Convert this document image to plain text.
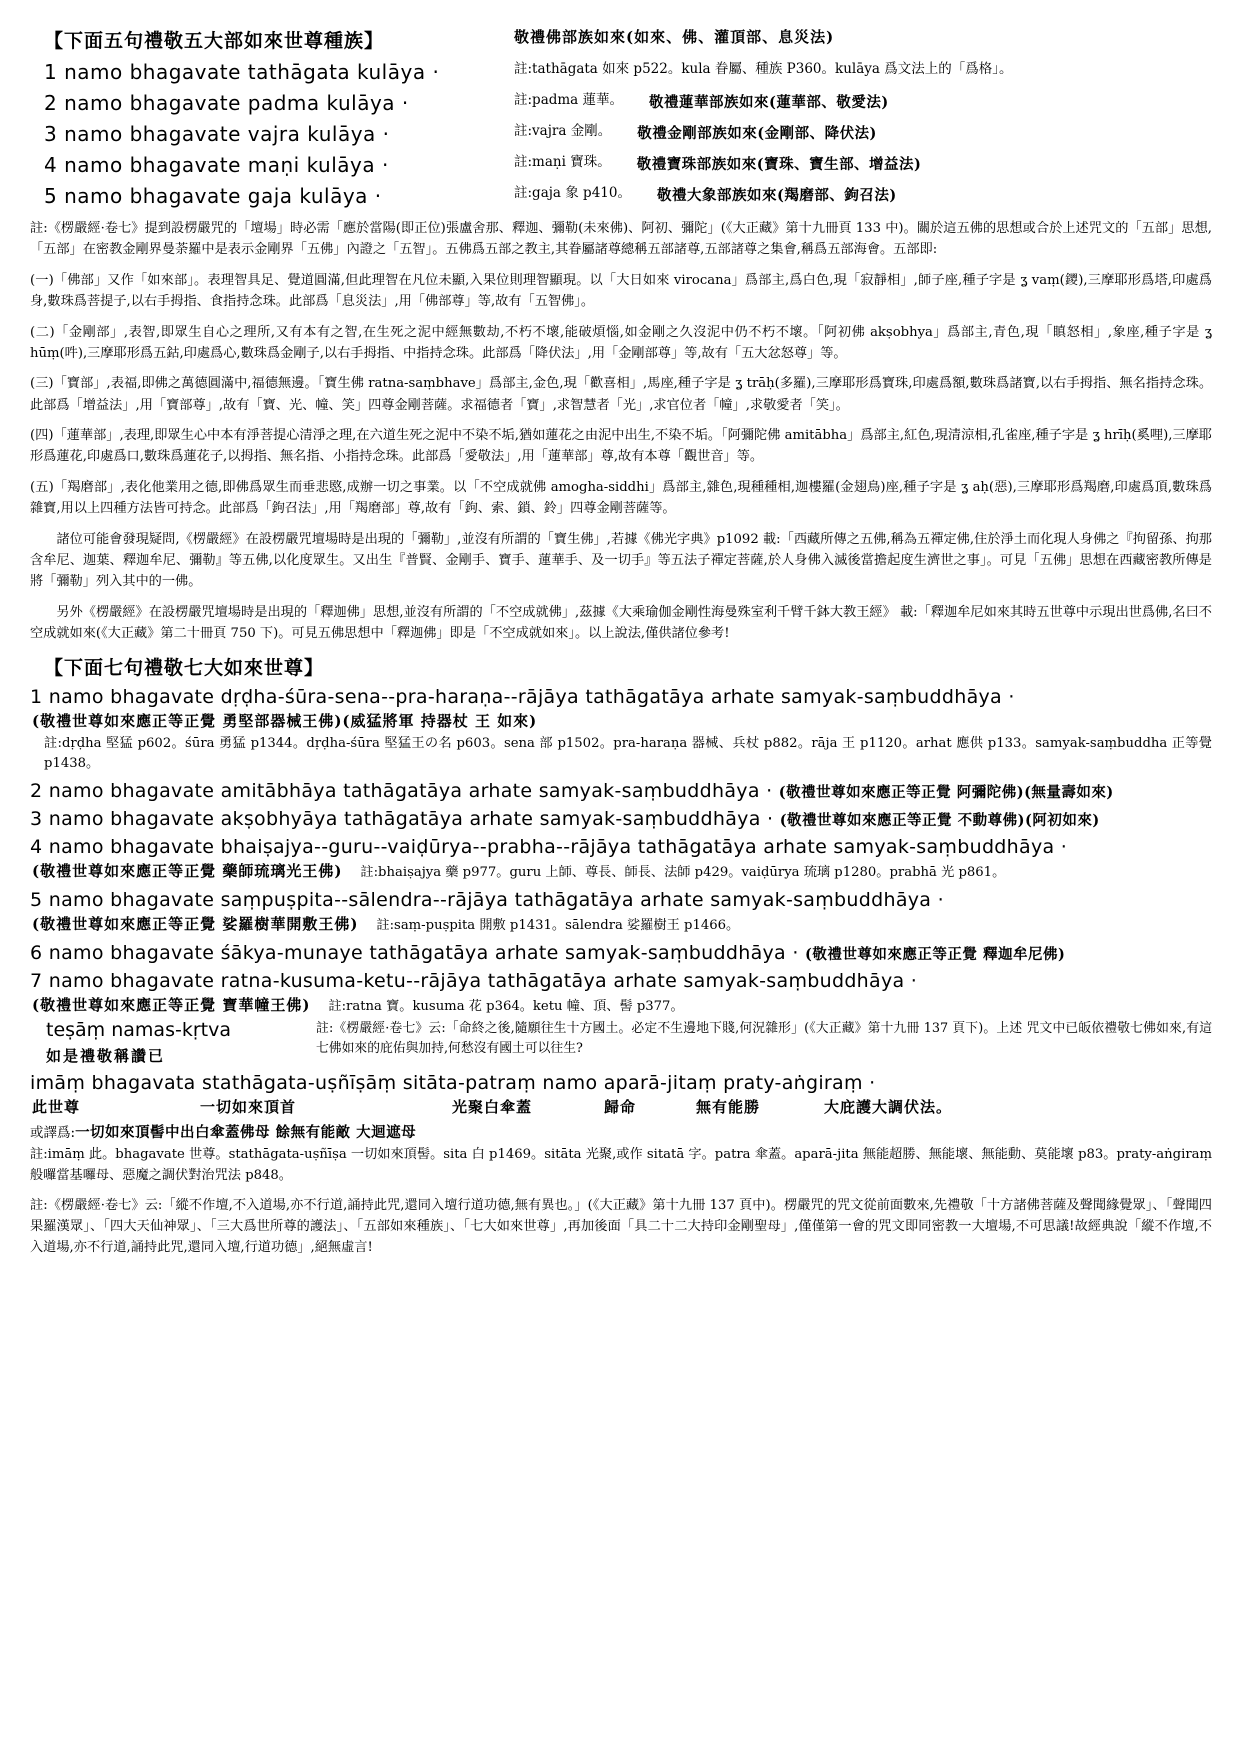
【下面五句禮敬五大部如來世尊種族】	敬禮佛部族如來(如來、佛、灌頂部、息災法)
1 namo bhagavate tathāgata kulāya ·	註:tathāgata 如來 p522。kula 眷屬、種族 P360。kulāya 爲文法上的「爲格」。
2 namo bhagavate padma kulāya ·	註:padma 蓮華。 敬禮蓮華部族如來(蓮華部、敬愛法)
3 namo bhagavate vajra kulāya ·	註:vajra 金剛。 敬禮金剛部族如來(金剛部、降伏法)
4 namo bhagavate maṇi kulāya ·	註:maṇi 寶珠。 敬禮寶珠部族如來(寶珠、寶生部、增益法)
5 namo bhagavate gaja kulāya ·	註:gaja 象 p410。 敬禮大象部族如來(羯磨部、鉤召法)

註:《楞嚴經·卷七》提到設楞嚴咒的「壇場」時必需「應於當陽(即正位)張盧舍那、釋迦、彌勒(未來佛)、阿初、彌陀」(《大正藏》第十九冊頁 133 中)。關於這五佛的思想或合於上述咒文的「五部」思想,「五部」在密教金剛界曼荼羅中是表示金剛界「五佛」內證之「五智」。五佛爲五部之教主,其眷屬諸尊總稱五部諸尊,五部諸尊之集會,稱爲五部海會。五部即:

(一)「佛部」又作「如來部」。表理智具足、覺道圓滿,但此理智在凡位未顯,入果位則理智顯現。以「大日如來 virocana」爲部主,爲白色,現「寂靜相」,師子座,種子字是 ʓ vaṃ(鑁),三摩耶形爲塔,印處爲身,數珠爲菩提子,以右手拇指、食指持念珠。此部爲「息災法」,用「佛部尊」等,故有「五智佛」。

(二)「金剛部」,表智,即眾生自心之理所,又有本有之智,在生死之泥中經無數劫,不朽不壞,能破煩惱,如金剛之久沒泥中仍不朽不壞。「阿初佛 akṣobhya」爲部主,青色,現「瞋怒相」,象座,種子字是 ʓ hūṃ(吽),三摩耶形爲五鈷,印處爲心,數珠爲金剛子,以右手拇指、中指持念珠。此部爲「降伏法」,用「金剛部尊」等,故有「五大忿怒尊」等。

(三)「寶部」,表福,即佛之萬德圓滿中,福德無邊。「寶生佛 ratna-saṃbhave」爲部主,金色,現「歡喜相」,馬座,種子字是 ʓ trāḥ(多羅),三摩耶形爲寶珠,印處爲額,數珠爲諸寶,以右手拇指、無名指持念珠。此部爲「增益法」,用「寶部尊」,故有「寶、光、幢、笑」四尊金剛菩薩。求福德者「寶」,求智慧者「光」,求官位者「幢」,求敬愛者「笑」。

(四)「蓮華部」,表理,即眾生心中本有淨菩提心清淨之理,在六道生死之泥中不染不垢,猶如蓮花之由泥中出生,不染不垢。「阿彌陀佛 amitābha」爲部主,紅色,現清涼相,孔雀座,種子字是 ʓ hrīḥ(奚哩),三摩耶形爲蓮花,印處爲口,數珠爲蓮花子,以拇指、無名指、小指持念珠。此部爲「愛敬法」,用「蓮華部」尊,故有本尊「觀世音」等。

(五)「羯磨部」,表化他業用之德,即佛爲眾生而垂悲愍,成辦一切之事業。以「不空成就佛 amogha-siddhi」爲部主,雜色,現種種相,迦樓羅(金翅鳥)座,種子字是 ʓ aḥ(惡),三摩耶形爲羯磨,印處爲頂,數珠爲雜寶,用以上四種方法皆可持念。此部爲「鉤召法」,用「羯磨部」尊,故有「鉤、索、鎖、鈴」四尊金剛菩薩等。

諸位可能會發現疑問,《楞嚴經》在設楞嚴咒壇場時是出現的「彌勒」,並沒有所謂的「寶生佛」,若據《佛光字典》p1092 載:「西藏所傳之五佛,稱為五禪定佛,住於淨土而化現人身佛之『拘留孫、拘那含牟尼、迦葉、釋迦牟尼、彌勒』等五佛,以化度眾生。又出生『普賢、金剛手、寶手、蓮華手、及一切手』等五法子禪定菩薩,於人身佛入滅後當擔起度生濟世之事」。可見「五佛」思想在西藏密教所傳是將「彌勒」列入其中的一佛。

另外《楞嚴經》在設楞嚴咒壇場時是出現的「釋迦佛」思想,並沒有所謂的「不空成就佛」,茲據《大乘瑜伽金剛性海曼殊室利千臂千鉢大教王經》 載:「釋迦牟尼如來其時五世尊中示現出世爲佛,名曰不空成就如來(《大正藏》第二十冊頁 750 下)。可見五佛思想中「釋迦佛」即是「不空成就如來」。以上說法,僅供諸位參考!

【下面七句禮敬七大如來世尊】
1 namo bhagavate dṛḍha-śūra-sena--pra-haraṇa--rājāya tathāgatāya arhate samyak-saṃbuddhāya ·
(敬禮世尊如來應正等正覺 勇堅部器械王佛)(威猛將軍 持器杖 王 如來)
註:dṛḍha 堅猛 p602。śūra 勇猛 p1344。dṛḍha-śūra 堅猛王の名 p603。sena 部 p1502。pra-haraṇa 器械、兵杖 p882。rāja 王 p1120。arhat 應供 p133。samyak-saṃbuddha 正等覺 p1438。
2 namo bhagavate amitābhāya tathāgatāya arhate samyak-saṃbuddhāya · (敬禮世尊如來應正等正覺 阿彌陀佛)(無量壽如來)
3 namo bhagavate akṣobhyāya tathāgatāya arhate samyak-saṃbuddhāya · (敬禮世尊如來應正等正覺 不動尊佛)(阿初如來)
4 namo bhagavate bhaiṣajya--guru--vaiḍūrya--prabha--rājāya tathāgatāya arhate samyak-saṃbuddhāya ·
(敬禮世尊如來應正等正覺 藥師琉璃光王佛) 註:bhaiṣajya 藥 p977。guru 上師、尊長、師長、法師 p429。vaiḍūrya 琉璃 p1280。prabhā 光 p861。
5 namo bhagavate saṃpuṣpita--sālendra--rājāya tathāgatāya arhate samyak-saṃbuddhāya ·
(敬禮世尊如來應正等正覺 娑羅樹華開敷王佛) 註:saṃ-puṣpita 開敷 p1431。sālendra 娑羅樹王 p1466。
6 namo bhagavate śākya-munaye tathāgatāya arhate samyak-saṃbuddhāya · (敬禮世尊如來應正等正覺 釋迦牟尼佛)
7 namo bhagavate ratna-kusuma-ketu--rājāya tathāgatāya arhate samyak-saṃbuddhāya ·
(敬禮世尊如來應正等正覺 寶華幢王佛) 註:ratna 寶。kusuma 花 p364。ketu 幢、頂、髻 p377。
teṣāṃ namas-kṛtva
如是禮敬稱讚已
註:《楞嚴經·卷七》云:「命終之後,隨願往生十方國土。必定不生邊地下賤,何況雜形」(《大正藏》第十九冊 137 頁下)。上述 咒文中已皈依禮敬七佛如來,有這七佛如來的庇佑與加持,何愁沒有國土可以往生?
imāṃ bhagavata stathāgata-uṣñīṣāṃ sitāta-patraṃ namo aparā-jitaṃ praty-aṅgiraṃ ·
此世尊	一切如來頂首	光聚白傘蓋	歸命	無有能勝	大庇護大調伏法。
或譯爲:一切如來頂髻中出白傘蓋佛母 餘無有能敵 大迴遮母
註:imāṃ 此。bhagavate 世尊。stathāgata-uṣñīṣa 一切如來頂髻。sita 白 p1469。sitāta 光聚,或作 sitatā 字。patra 傘蓋。aparā-jita 無能超勝、無能壞、無能動、莫能壞 p83。praty-aṅgiraṃ 般囉當基囉母、惡魔之調伏對治咒法 p848。
註:《楞嚴經·卷七》云:「縱不作壇,不入道場,亦不行道,誦持此咒,還同入壇行道功德,無有異也。」(《大正藏》第十九冊 137 頁中)。楞嚴咒的咒文從前面數來,先禮敬「十方諸佛菩薩及聲聞緣覺眾」、「聲聞四果羅漢眾」、「四大天仙神眾」、「三大爲世所尊的護法」、「五部如來種族」、「七大如來世尊」,再加後面「具二十二大持印金剛聖母」,僅僅第一會的咒文即同密教一大壇場,不可思議!故經典說「縱不作壇,不入道場,亦不行道,誦持此咒,還同入壇,行道功德」,絕無虛言!
